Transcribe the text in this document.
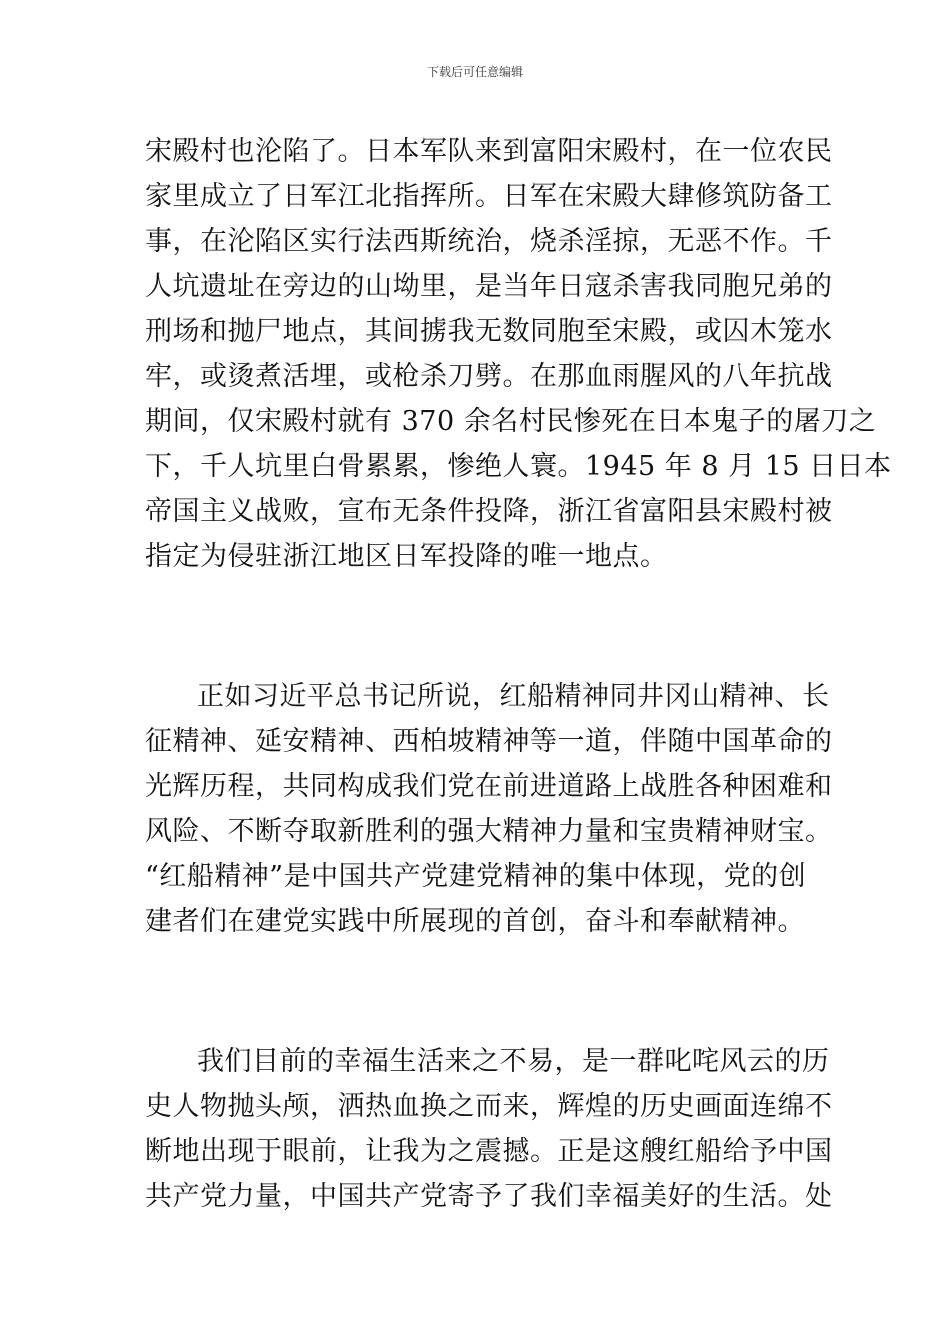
下载后可任意编辑
宋殿村也沦陷了。日本军队来到富阳宋殿村，在一位农民
家里成立了日军江北指挥所。日军在宋殿大肆修筑防备工
事，在沦陷区实行法西斯统治，烧杀淫掠，无恶不作。千
人坑遗址在旁边的山坳里，是当年日寇杀害我同胞兄弟的
刑场和抛尸地点，其间掳我无数同胞至宋殿，或囚木笼水
牢，或烫煮活埋，或枪杀刀劈。在那血雨腥风的八年抗战
期间，仅宋殿村就有 370 余名村民惨死在日本鬼子的屠刀之
下，千人坑里白骨累累，惨绝人寰。1945 年 8 月 15 日日本
帝国主义战败，宣布无条件投降，浙江省富阳县宋殿村被
指定为侵驻浙江地区日军投降的唯一地点。
正如习近平总书记所说，红船精神同井冈山精神、长
征精神、延安精神、西柏坡精神等一道，伴随中国革命的
光辉历程，共同构成我们党在前进道路上战胜各种困难和
风险、不断夺取新胜利的强大精神力量和宝贵精神财宝。
“红船精神”是中国共产党建党精神的集中体现，党的创
建者们在建党实践中所展现的首创，奋斗和奉献精神。
我们目前的幸福生活来之不易，是一群叱咤风云的历
史人物抛头颅，洒热血换之而来，辉煌的历史画面连绵不
断地出现于眼前，让我为之震撼。正是这艘红船给予中国
共产党力量，中国共产党寄予了我们幸福美好的生活。处
